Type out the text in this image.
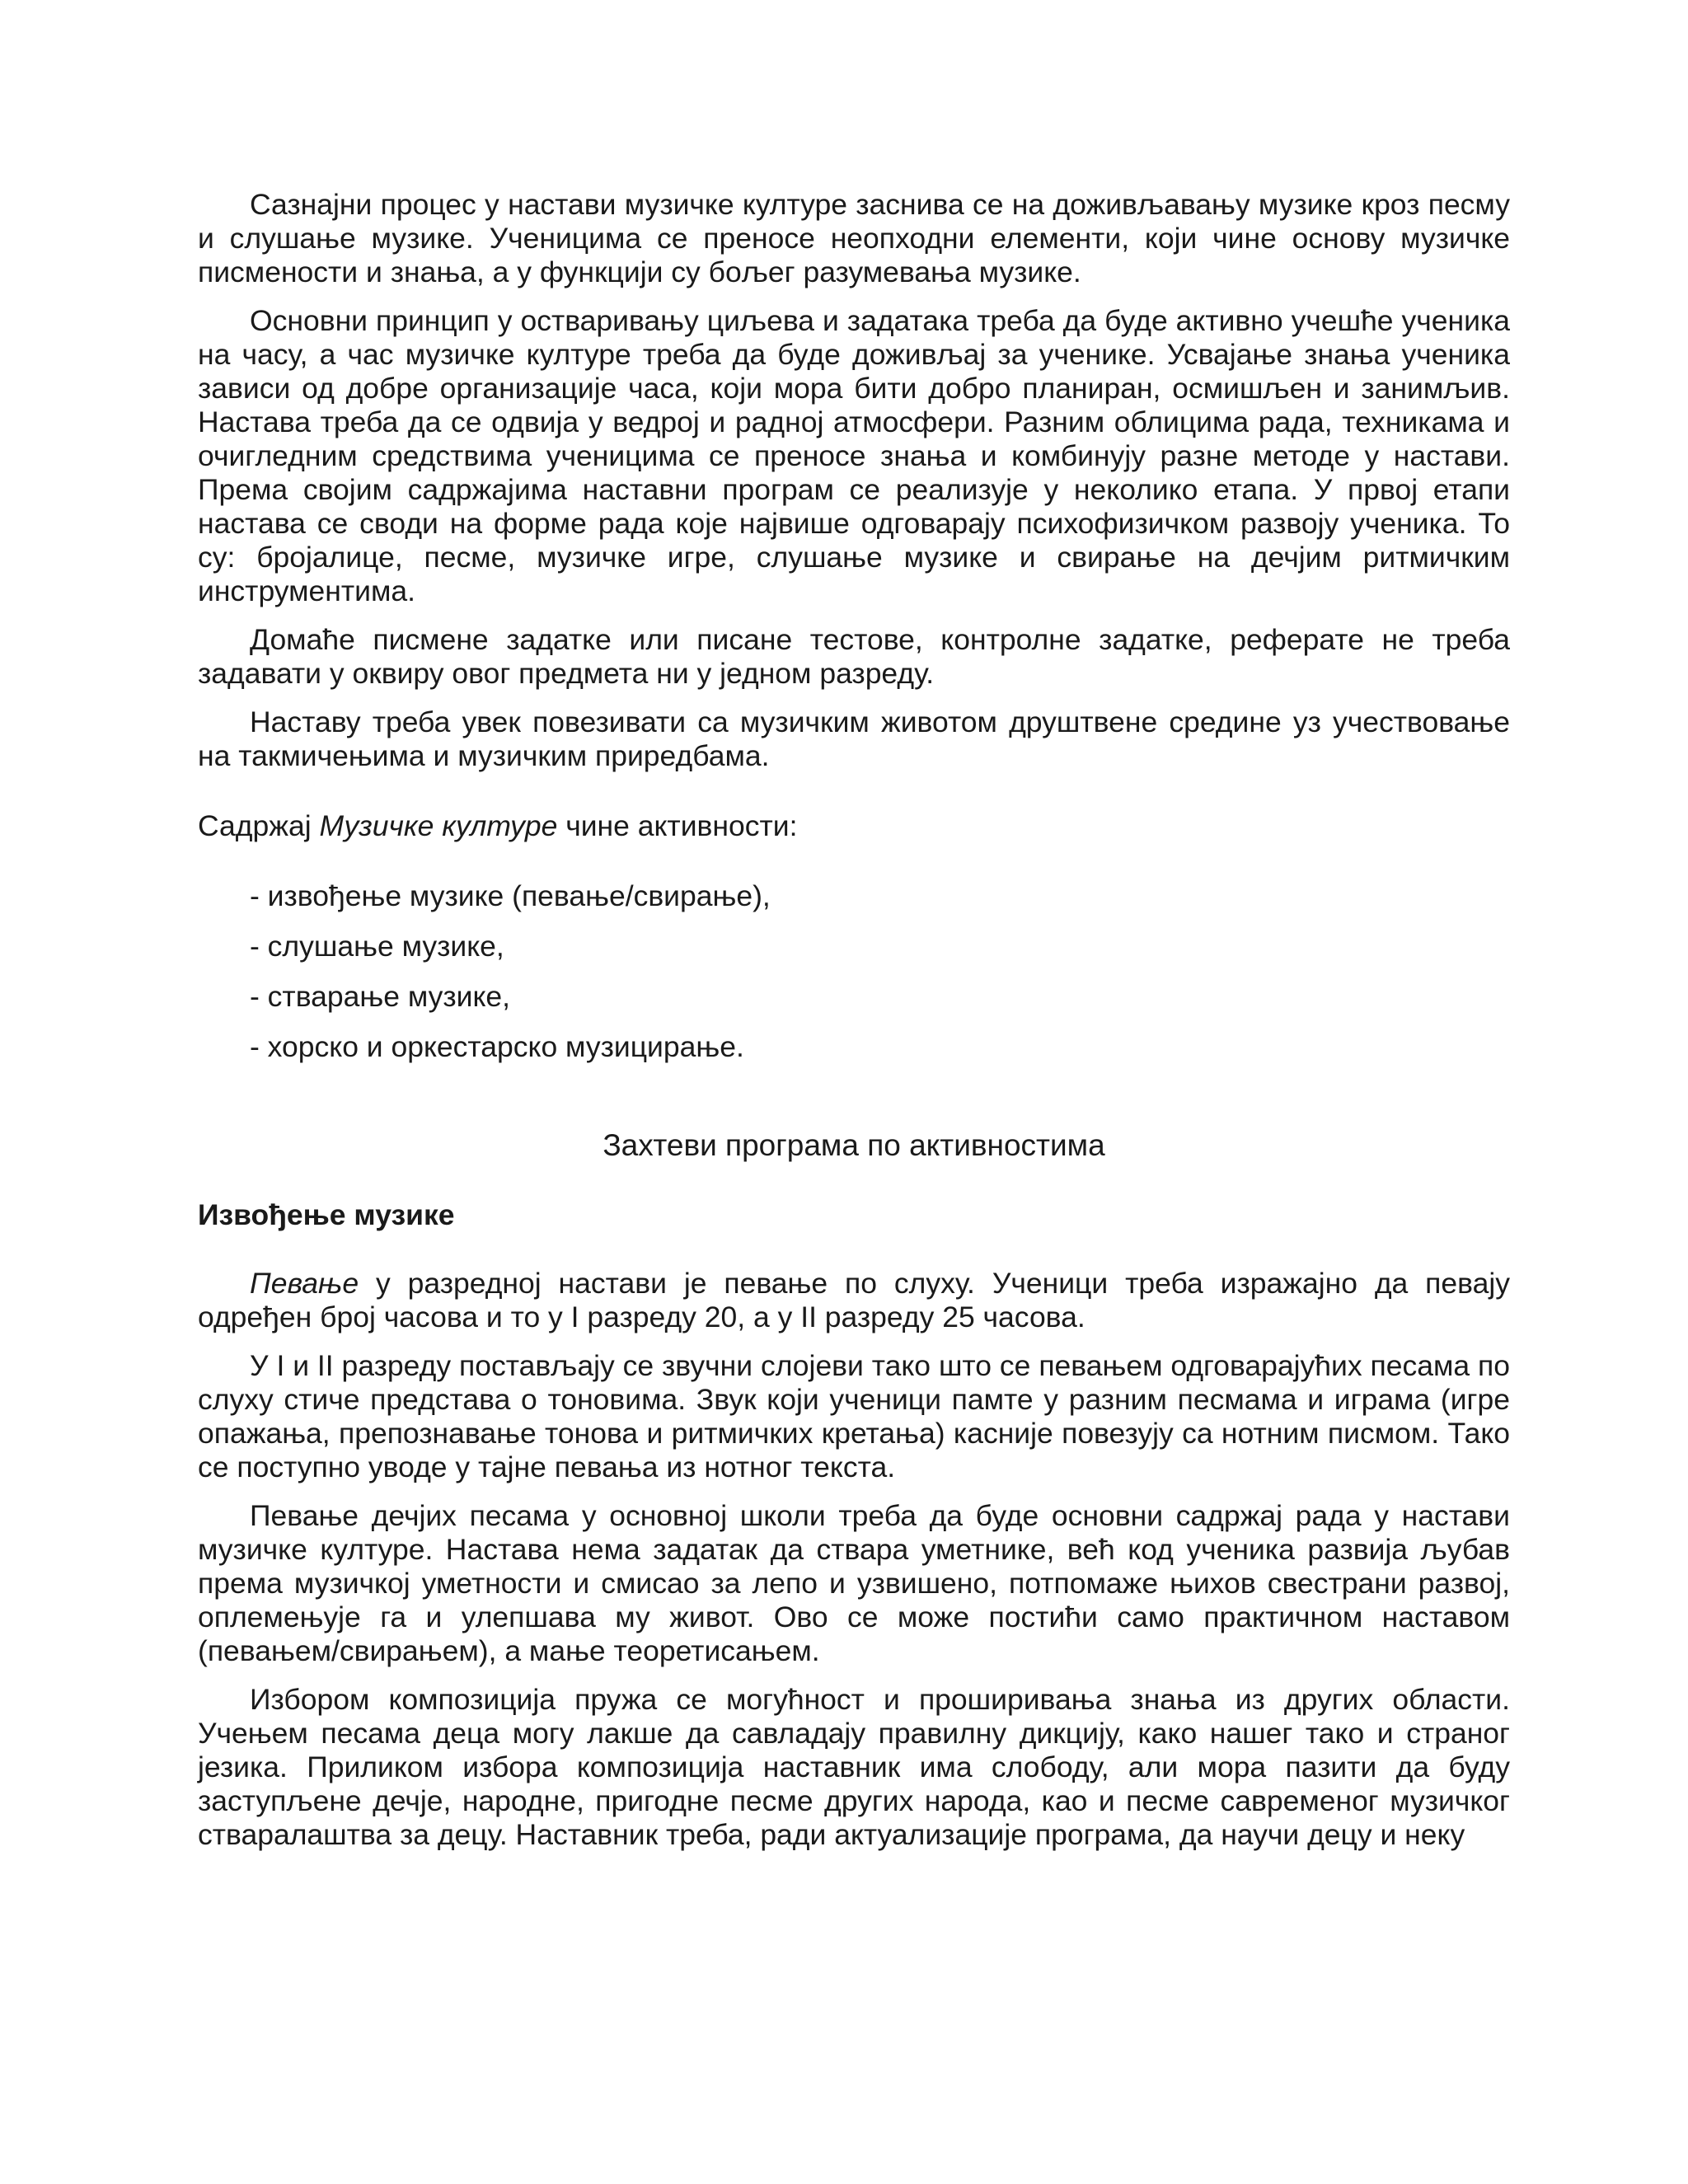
Сазнајни процес у настави музичке културе заснива се на доживљавању музике кроз песму и слушање музике. Ученицима се преносе неопходни елементи, који чине основу музичке писмености и знања, а у функцији су бољег разумевања музике.

Основни принцип у остваривању циљева и задатака треба да буде активно учешће ученика на часу, а час музичке културе треба да буде доживљај за ученике. Усвајање знања ученика зависи од добре организације часа, који мора бити добро планиран, осмишљен и занимљив. Настава треба да се одвија у ведрој и радној атмосфери. Разним облицима рада, техникама и очигледним средствима ученицима се преносе знања и комбинују разне методе у настави. Према својим садржајима наставни програм се реализује у неколико етапа. У првој етапи настава се своди на форме рада које највише одговарају психофизичком развоју ученика. То су: бројалице, песме, музичке игре, слушање музике и свирање на дечјим ритмичким инструментима.

Домаће писмене задатке или писане тестове, контролне задатке, реферате не треба задавати у оквиру овог предмета ни у једном разреду.

Наставу треба увек повезивати са музичким животом друштвене средине уз учествовање на такмичењима и музичким приредбама.

Садржај Музичке културе чине активности:

- извођење музике (певање/свирање),

- слушање музике,

- стварање музике,

- хорско и оркестарско музицирање.

Захтеви програма по активностима

Извођење музике

Певање у разредној настави је певање по слуху. Ученици треба изражајно да певају одређен број часова и то у I разреду 20, а у II разреду 25 часова.

У I и II разреду постављају се звучни слојеви тако што се певањем одговарајућих песама по слуху стиче представа о тоновима. Звук који ученици памте у разним песмама и играма (игре опажања, препознавање тонова и ритмичких кретања) касније повезују са нотним писмом. Тако се поступно уводе у тајне певања из нотног текста.

Певање дечјих песама у основној школи треба да буде основни садржај рада у настави музичке културе. Настава нема задатак да ствара уметнике, већ код ученика развија љубав према музичкој уметности и смисао за лепо и узвишено, потпомаже њихов свестрани развој, оплемењује га и улепшава му живот. Ово се може постићи само практичном наставом (певањем/свирањем), а мање теоретисањем.

Избором композиција пружа се могућност и проширивања знања из других области. Учењем песама деца могу лакше да савладају правилну дикцију, како нашег тако и страног језика. Приликом избора композиција наставник има слободу, али мора пазити да буду заступљене дечје, народне, пригодне песме других народа, као и песме савременог музичког стваралаштва за децу. Наставник треба, ради актуализације програма, да научи децу и неку
